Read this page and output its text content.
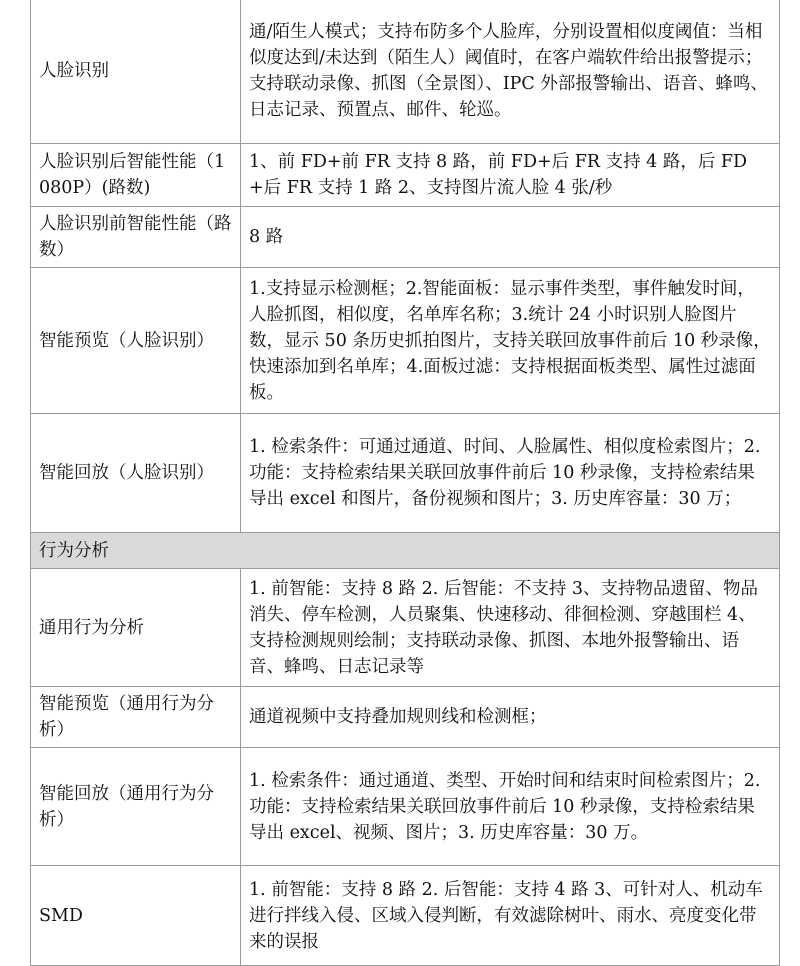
人脸识别	通/陌生人模式；支持布防多个人脸库，分别设置相似度阈值：当相似度达到/未达到（陌生人）阈值时，在客户端软件给出报警提示；支持联动录像、抓图（全景图）、IPC 外部报警输出、语音、蜂鸣、日志记录、预置点、邮件、轮巡。
人脸识别后智能性能（1080P）(路数)	1、前 FD+前 FR 支持 8 路，前 FD+后 FR 支持 4 路，后 FD+后 FR 支持 1 路 2、支持图片流人脸 4 张/秒
人脸识别前智能性能（路数）	8 路
智能预览（人脸识别）	1.支持显示检测框；2.智能面板：显示事件类型，事件触发时间，人脸抓图，相似度，名单库名称；3.统计 24 小时识别人脸图片数，显示 50 条历史抓拍图片，支持关联回放事件前后 10 秒录像，快速添加到名单库；4.面板过滤：支持根据面板类型、属性过滤面板。
智能回放（人脸识别）	1. 检索条件：可通过通道、时间、人脸属性、相似度检索图片；2. 功能：支持检索结果关联回放事件前后 10 秒录像，支持检索结果导出 excel 和图片，备份视频和图片；3. 历史库容量：30 万；
行为分析	
通用行为分析	1. 前智能：支持 8 路 2. 后智能：不支持 3、支持物品遗留、物品消失、停车检测，人员聚集、快速移动、徘徊检测、穿越围栏 4、支持检测规则绘制；支持联动录像、抓图、本地外报警输出、语音、蜂鸣、日志记录等
智能预览（通用行为分析）	通道视频中支持叠加规则线和检测框；
智能回放（通用行为分析）	1. 检索条件：通过通道、类型、开始时间和结束时间检索图片；2. 功能：支持检索结果关联回放事件前后 10 秒录像，支持检索结果导出 excel、视频、图片；3. 历史库容量：30 万。
SMD	1. 前智能：支持 8 路 2. 后智能：支持 4 路 3、可针对人、机动车进行拌线入侵、区域入侵判断，有效滤除树叶、雨水、亮度变化带来的误报
